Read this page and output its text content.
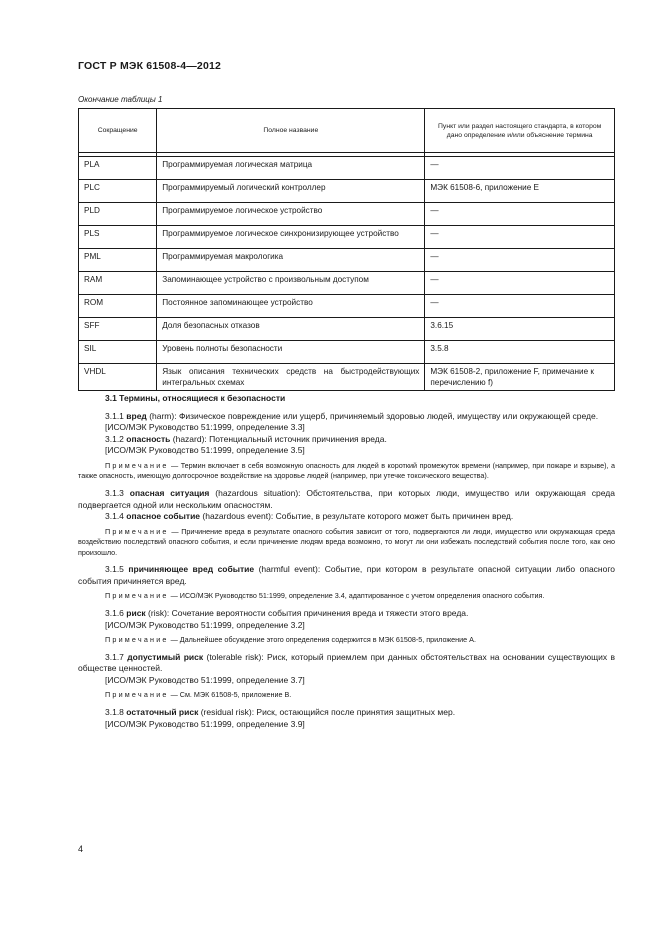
ГОСТ Р МЭК 61508-4—2012
Окончание таблицы 1
Сокращение	Полное название	Пункт или раздел настоящего стандарта, в котором дано определение и/или объяснение термина

PLA	Программируемая логическая матрица	—
PLC	Программируемый логический контроллер	МЭК 61508-6, приложение Е
PLD	Программируемое логическое устройство	—
PLS	Программируемое логическое синхронизирующее устройство	—
PML	Программируемая макрологика	—
RAM	Запоминающее устройство с произвольным доступом	—
ROM	Постоянное запоминающее устройство	—
SFF	Доля безопасных отказов	3.6.15
SIL	Уровень полноты безопасности	3.5.8
VHDL	Язык описания технических средств на быстродействующих интегральных схемах	МЭК 61508-2, приложение F, примечание к перечислению f)

3.1 Термины, относящиеся к безопасности

3.1.1 вред (harm): Физическое повреждение или ущерб, причиняемый здоровью людей, имуществу или окружающей среде.

[ИСО/МЭК Руководство 51:1999, определение 3.3]

3.1.2 опасность (hazard): Потенциальный источник причинения вреда.

[ИСО/МЭК Руководство 51:1999, определение 3.5]

Примечание — Термин включает в себя возможную опасность для людей в короткий промежуток времени (например, при пожаре и взрыве), а также опасность, имеющую долгосрочное воздействие на здоровье людей (например, при утечке токсического вещества).

3.1.3 опасная ситуация (hazardous situation): Обстоятельства, при которых люди, имущество или окружающая среда подвергается одной или нескольким опасностям.

3.1.4 опасное событие (hazardous event): Событие, в результате которого может быть причинен вред.

Примечание — Причинение вреда в результате опасного события зависит от того, подвергаются ли люди, имущество или окружающая среда воздействию последствий опасного события, и если причинение людям вреда возможно, то могут ли они избежать последствий события после того, как оно произошло.

3.1.5 причиняющее вред событие (harmful event): Событие, при котором в результате опасной ситуации либо опасного события причиняется вред.

Примечание — ИСО/МЭК Руководство 51:1999, определение 3.4, адаптированное с учетом определения опасного события.

3.1.6 риск (risk): Сочетание вероятности события причинения вреда и тяжести этого вреда.

[ИСО/МЭК Руководство 51:1999, определение 3.2]

Примечание — Дальнейшее обсуждение этого определения содержится в МЭК 61508-5, приложение А.

3.1.7 допустимый риск (tolerable risk): Риск, который приемлем при данных обстоятельствах на основании существующих в обществе ценностей.

[ИСО/МЭК Руководство 51:1999, определение 3.7]

Примечание — См. МЭК 61508-5, приложение В.

3.1.8 остаточный риск (residual risk): Риск, остающийся после принятия защитных мер.

[ИСО/МЭК Руководство 51:1999, определение 3.9]

4
